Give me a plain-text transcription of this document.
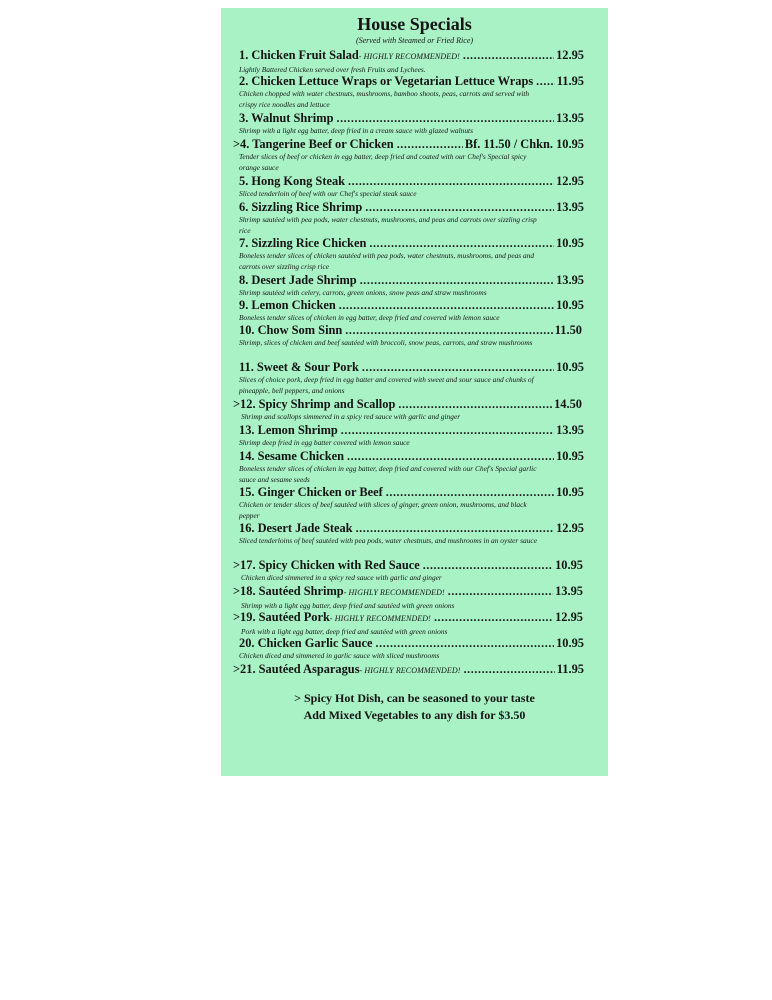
House Specials
(Served with Steamed or Fried Rice)
1. Chicken Fruit Salad - HIGHLY RECOMMENDED! . . .	12.95
Lightly Battered Chicken served over fresh Fruits and Lychees.
2. Chicken Lettuce Wraps or Vegetarian Lettuce Wraps . . . 11.95
Chicken chopped with water chestnuts, mushrooms, bamboo shoots, peas, carrots and served with crispy rice noodles and lettuce
3. Walnut Shrimp . . .	13.95
Shrimp with a light egg batter, deep fried in a cream sauce with glazed walnuts
>4. Tangerine Beef or Chicken . . .	Bf. 11.50 / Chkn. 10.95
Tender slices of beef or chicken in egg batter, deep fried and coated with our Chef's Special spicy orange sauce
5. Hong Kong Steak . . .	12.95
Sliced tenderloin of beef with our Chef's special steak sauce
6. Sizzling Rice Shrimp . . .	13.95
Shrimp sautéed with pea pods, water chestnuts, mushrooms, and peas and carrots over sizzling crisp rice
7. Sizzling Rice Chicken . . .	10.95
Boneless tender slices of chicken sautéed with pea pods, water chestnuts, mushrooms, and peas and carrots over sizzling crisp rice
8. Desert Jade Shrimp . . .	13.95
Shrimp sautéed with celery, carrots, green onions, snow peas and straw mushrooms
9. Lemon Chicken . . .	10.95
Boneless tender slices of chicken in egg batter, deep fried and covered with lemon sauce
10. Chow Som Sinn . . .	11.50
Shrimp, slices of chicken and beef sautéed with broccoli, snow peas, carrots, and straw mushrooms
11. Sweet & Sour Pork . . .	10.95
Slices of choice pork, deep fried in egg batter and covered with sweet and sour sauce and chunks of pineapple, bell peppers, and onions
>12. Spicy Shrimp and Scallop . . .	14.50
Shrimp and scallops simmered in a spicy red sauce with garlic and ginger
13. Lemon Shrimp . . .	13.95
Shrimp deep fried in egg batter covered with lemon sauce
14. Sesame Chicken . . .	10.95
Boneless tender slices of chicken in egg batter, deep fried and covered with our Chef's Special garlic sauce and sesame seeds
15. Ginger Chicken or Beef . . .	10.95
Chicken or tender slices of beef sautéed with slices of ginger, green onion, mushrooms, and black pepper
16. Desert Jade Steak . . .	12.95
Sliced tenderloins of beef sautéed with pea pods, water chestnuts, and mushrooms in an oyster sauce
>17. Spicy Chicken with Red Sauce . . .	10.95
Chicken diced simmered in a spicy red sauce with garlic and ginger
>18. Sautéed Shrimp - HIGHLY RECOMMENDED! . . .	13.95
Shrimp with a light egg batter, deep fried and sautéed with green onions
>19. Sautéed Pork - HIGHLY RECOMMENDED! . . .	12.95
Pork with a light egg batter, deep fried and sautéed with green onions
20. Chicken Garlic Sauce . . .	10.95
Chicken diced and simmered in garlic sauce with sliced mushrooms
>21. Sautéed Asparagus - HIGHLY RECOMMENDED! . . .	11.95
> Spicy Hot Dish, can be seasoned to your taste
Add Mixed Vegetables to any dish for $3.50
